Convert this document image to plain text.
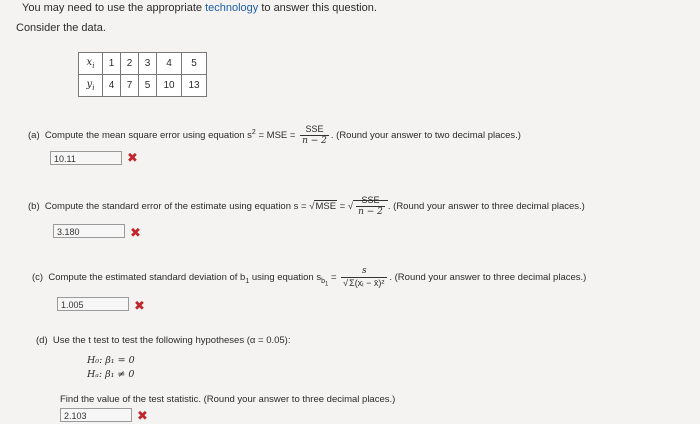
You may need to use the appropriate technology to answer this question.
Consider the data.
$x_i$	1	2	3	4	5
$y_i$	4	7	5	10	13
(a) Compute the mean square error using equation $s^2$ = MSE = $\frac{\text{SSE}}{n - 2}$ . (Round your answer to two decimal places.)
10.11	✖
(b) Compute the standard error of the estimate using equation s = √MSE = √ $\frac{\text{SSE}}{n - 2}$ . (Round your answer to three decimal places.)
3.180	✖
(c) Compute the estimated standard deviation of $b_1$ using equation $s_{b_1} = \frac{s}{\text{√Σ(xᵢ − x̄)²}}$ . (Round your answer to three decimal places.)
1.005	✖
(d) Use the t test to test the following hypotheses (α = 0.05):
H₀: β₁ = 0
Hₐ: β₁ ≠ 0
Find the value of the test statistic. (Round your answer to three decimal places.)
2.103	✖
